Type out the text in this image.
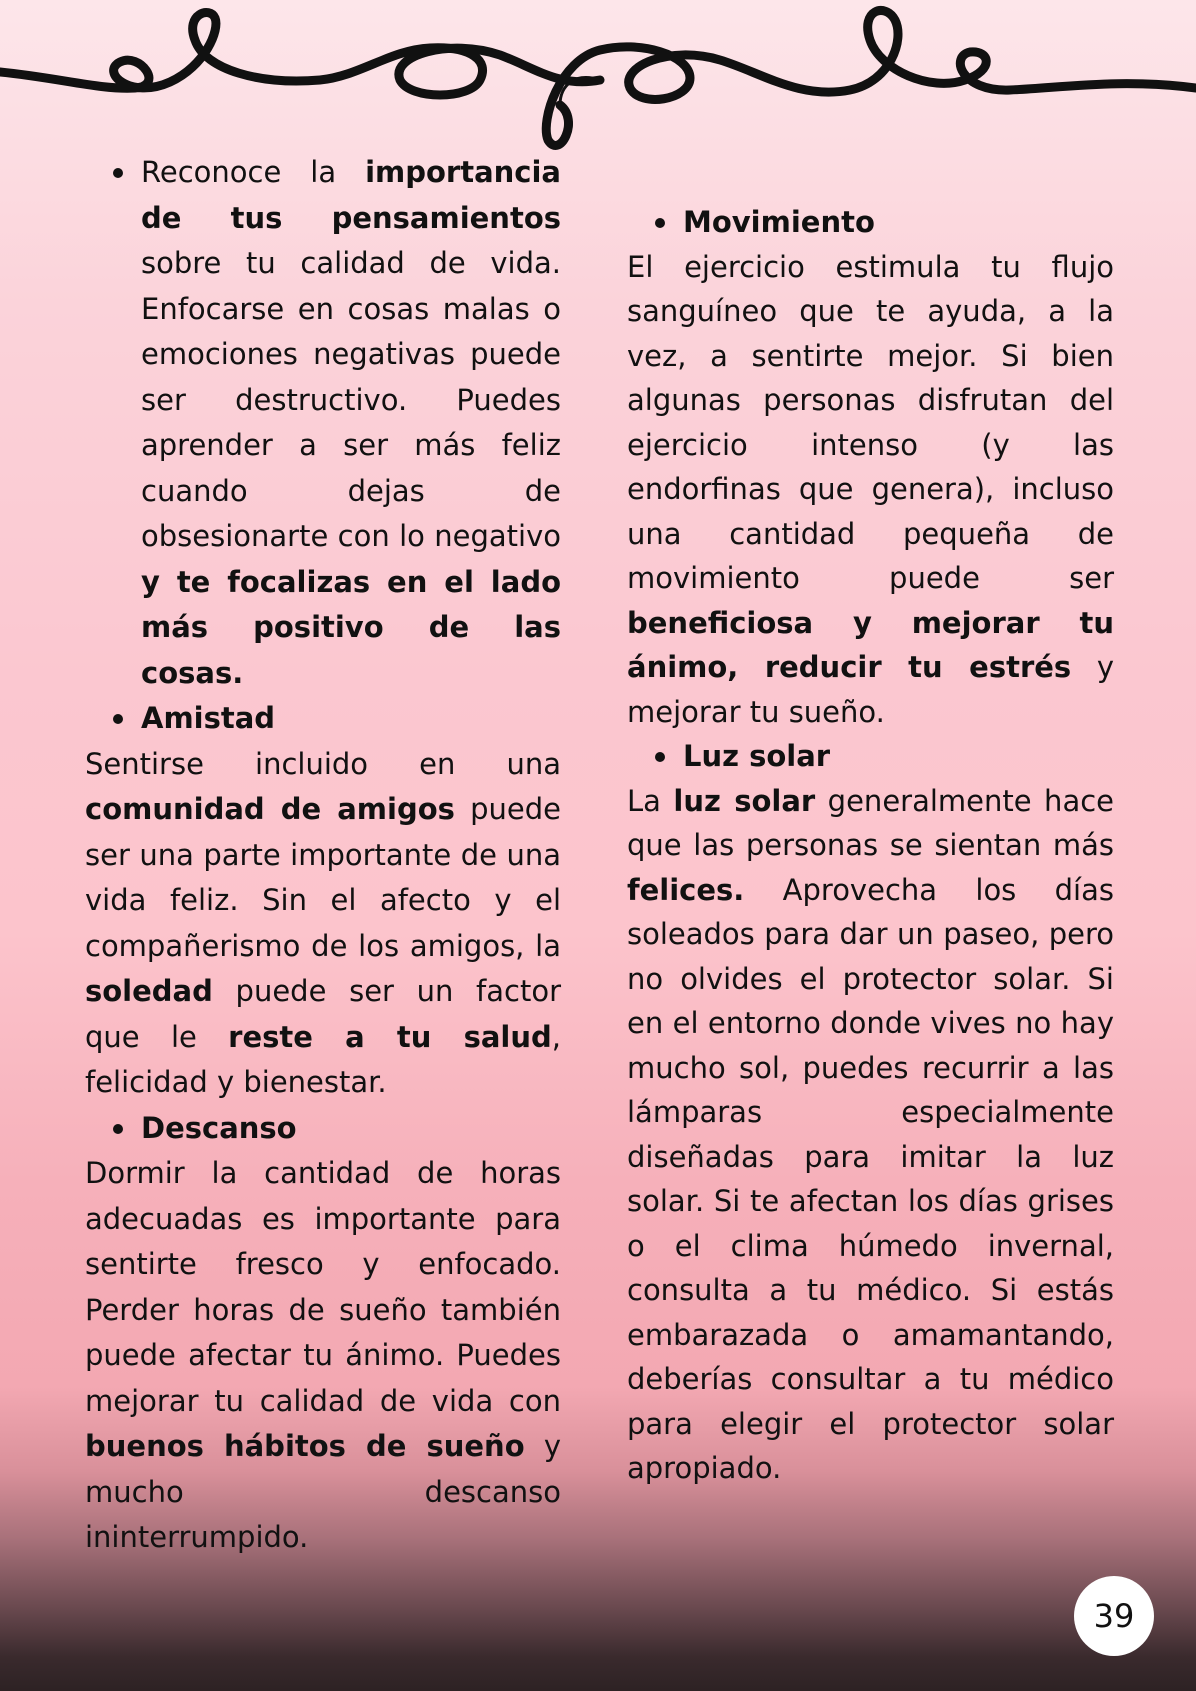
Reconoce la importancia de tus pensamientos sobre tu calidad de vida. Enfocarse en cosas malas o emociones negativas puede ser destructivo. Puedes aprender a ser más feliz cuando dejas de obsesionarte con lo negativo y te focalizas en el lado más positivo de las cosas.

Amistad

Sentirse incluido en una comunidad de amigos puede ser una parte importante de una vida feliz. Sin el afecto y el compañerismo de los amigos, la soledad puede ser un factor que le reste a tu salud, felicidad y bienestar.

Descanso

Dormir la cantidad de horas adecuadas es importante para sentirte fresco y enfocado. Perder horas de sueño también puede afectar tu ánimo. Puedes mejorar tu calidad de vida con buenos hábitos de sueño y mucho descanso ininterrumpido.

Movimiento

El ejercicio estimula tu flujo sanguíneo que te ayuda, a la vez, a sentirte mejor. Si bien algunas personas disfrutan del ejercicio intenso (y las endorfinas que genera), incluso una cantidad pequeña de movimiento puede ser beneficiosa y mejorar tu ánimo, reducir tu estrés y mejorar tu sueño.

Luz solar

La luz solar generalmente hace que las personas se sientan más felices. Aprovecha los días soleados para dar un paseo, pero no olvides el protector solar. Si en el entorno donde vives no hay mucho sol, puedes recurrir a las lámparas especialmente diseñadas para imitar la luz solar. Si te afectan los días grises o el clima húmedo invernal, consulta a tu médico. Si estás embarazada o amamantando, deberías consultar a tu médico para elegir el protector solar apropiado.

39
